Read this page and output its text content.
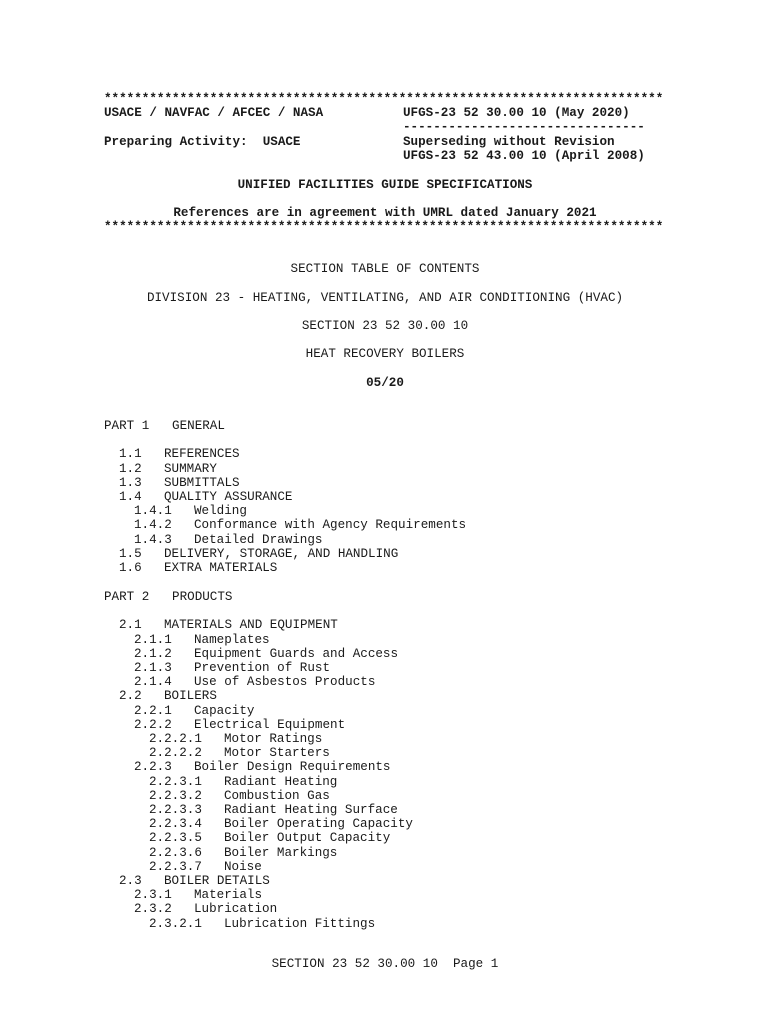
**************************************************************************
USACE / NAVFAC / AFCEC / NASA	UFGS-23 52 30.00 10 (May 2020)
--------------------------------
Preparing Activity:  USACE	Superseding without Revision
UFGS-23 52 43.00 10 (April 2008)
UNIFIED FACILITIES GUIDE SPECIFICATIONS
References are in agreement with UMRL dated January 2021
**************************************************************************
SECTION TABLE OF CONTENTS
DIVISION 23 - HEATING, VENTILATING, AND AIR CONDITIONING (HVAC)
SECTION 23 52 30.00 10
HEAT RECOVERY BOILERS
05/20
PART 1   GENERAL
1.1 REFERENCES
1.2 SUMMARY
1.3 SUBMITTALS
1.4 QUALITY ASSURANCE
1.4.1 Welding
1.4.2 Conformance with Agency Requirements
1.4.3 Detailed Drawings
1.5 DELIVERY, STORAGE, AND HANDLING
1.6 EXTRA MATERIALS
PART 2   PRODUCTS
2.1 MATERIALS AND EQUIPMENT
2.1.1 Nameplates
2.1.2 Equipment Guards and Access
2.1.3 Prevention of Rust
2.1.4 Use of Asbestos Products
2.2 BOILERS
2.2.1 Capacity
2.2.2 Electrical Equipment
2.2.2.1 Motor Ratings
2.2.2.2 Motor Starters
2.2.3 Boiler Design Requirements
2.2.3.1 Radiant Heating
2.2.3.2 Combustion Gas
2.2.3.3 Radiant Heating Surface
2.2.3.4 Boiler Operating Capacity
2.2.3.5 Boiler Output Capacity
2.2.3.6 Boiler Markings
2.2.3.7 Noise
2.3 BOILER DETAILS
2.3.1 Materials
2.3.2 Lubrication
2.3.2.1 Lubrication Fittings
SECTION 23 52 30.00 10  Page 1
